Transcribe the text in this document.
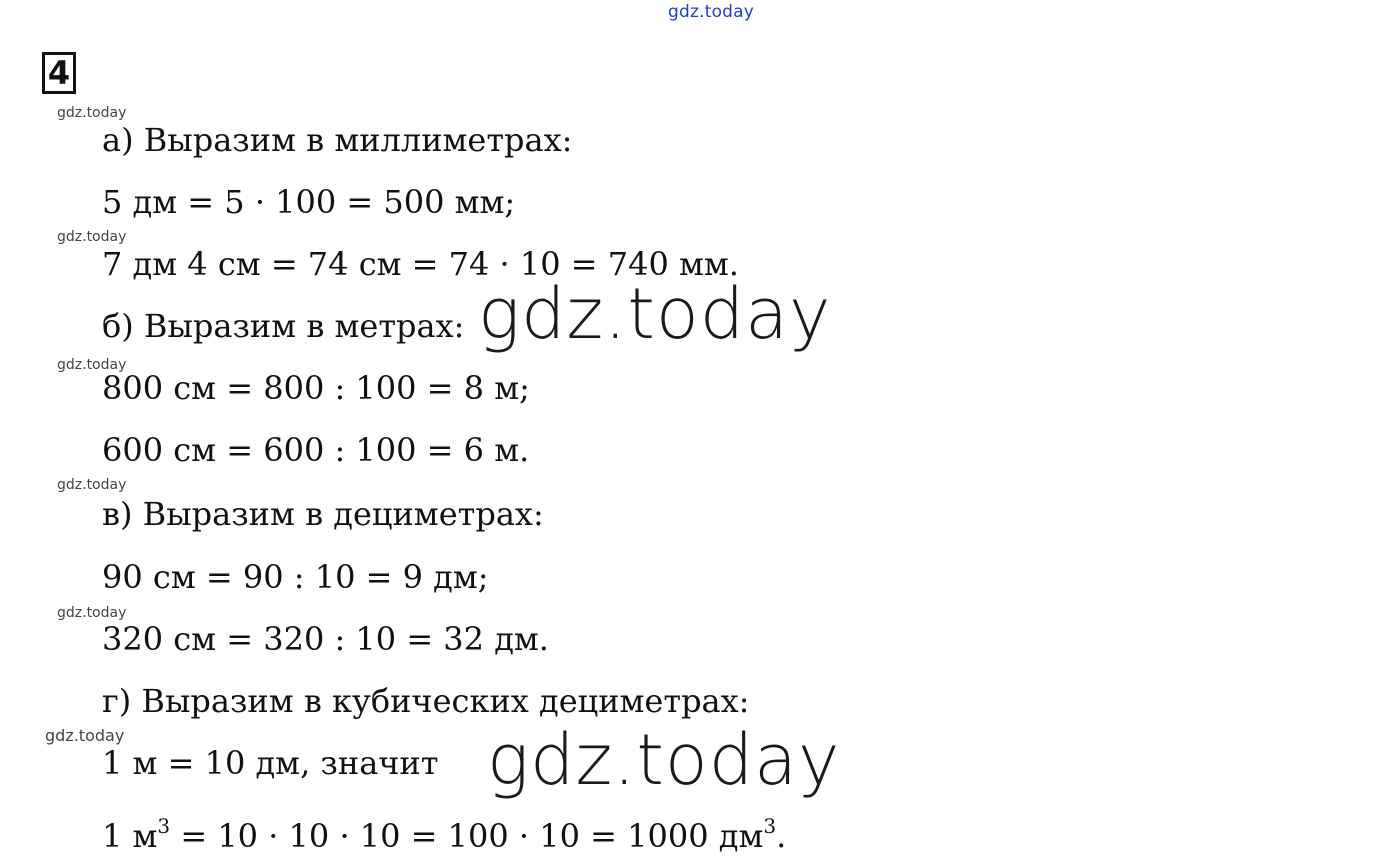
gdz.today
4
gdz.today
gdz.today
gdz.today
gdz.today
gdz.today
gdz.today
а) Выразим в миллиметрах:
5 дм = 5 · 100 = 500 мм;
7 дм 4 см = 74 см = 74 · 10 = 740 мм.
б) Выразим в метрах: gdz.today
800 см = 800 : 100 = 8 м;
600 см = 600 : 100 = 6 м.
в) Выразим в дециметрах:
90 см = 90 : 10 = 9 дм;
320 см = 320 : 10 = 32 дм.
г) Выразим в кубических дециметрах:
1 м = 10 дм, значит gdz.today
1 $м^3 = 10 \cdot 10 \cdot 10 = 100 \cdot 10 = 1000$ $дм^3$.
